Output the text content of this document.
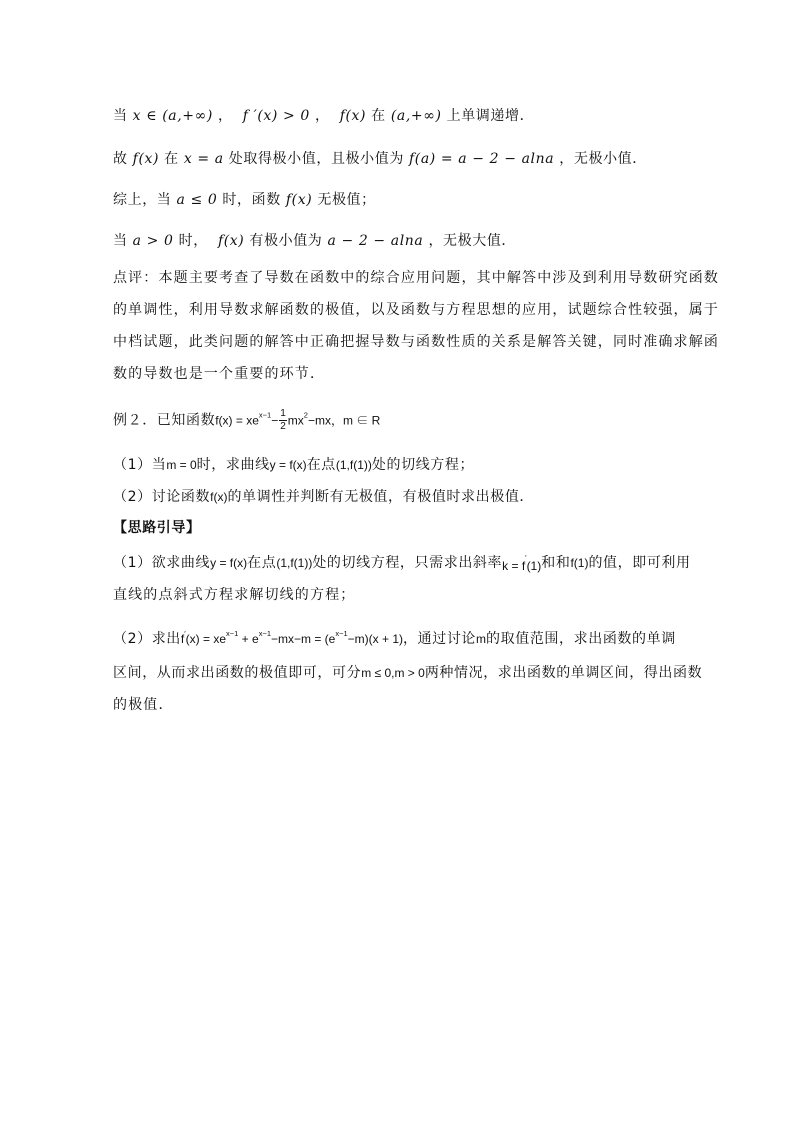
当 x ∈ (a,+∞) ， f ′(x) > 0 ， f(x) 在 (a,+∞) 上单调递增．
故 f(x) 在 x = a 处取得极小值，且极小值为 f(a) = a − 2 − alna ，无极小值．
综上，当 a ≤ 0 时，函数 f(x) 无极值；
当 a > 0 时， f(x) 有极小值为 a − 2 − alna ，无极大值．
点评：本题主要考查了导数在函数中的综合应用问题，其中解答中涉及到利用导数研究函数
的单调性，利用导数求解函数的极值，以及函数与方程思想的应用，试题综合性较强，属于
中档试题，此类问题的解答中正确把握导数与函数性质的关系是解答关键，同时准确求解函
数的导数也是一个重要的环节．
例２．已知函数$f(x) = xe^{x-1}- \frac{1}{2} mx^2-mx$，m ∈ R
（1）当m = 0时，求曲线y = f(x)在点(1,f(1))处的切线方程；
（2）讨论函数f(x)的单调性并判断有无极值，有极值时求出极值．
【思路引导】
（1）欲求曲线y = f(x)在点(1,f(1))处的切线方程，只需求出斜率k = f′(1)和和f(1)的值，即可利用
直线的点斜式方程求解切线的方程；
（2）求出f′(x) = xe$^{x-1}$ + e$^{x-1}$−mx−m = (e$^{x-1}$−m)(x + 1)，通过讨论m的取值范围，求出函数的单调
区间，从而求出函数的极值即可，可分m ≤ 0,m > 0两种情况，求出函数的单调区间，得出函数
的极值．
